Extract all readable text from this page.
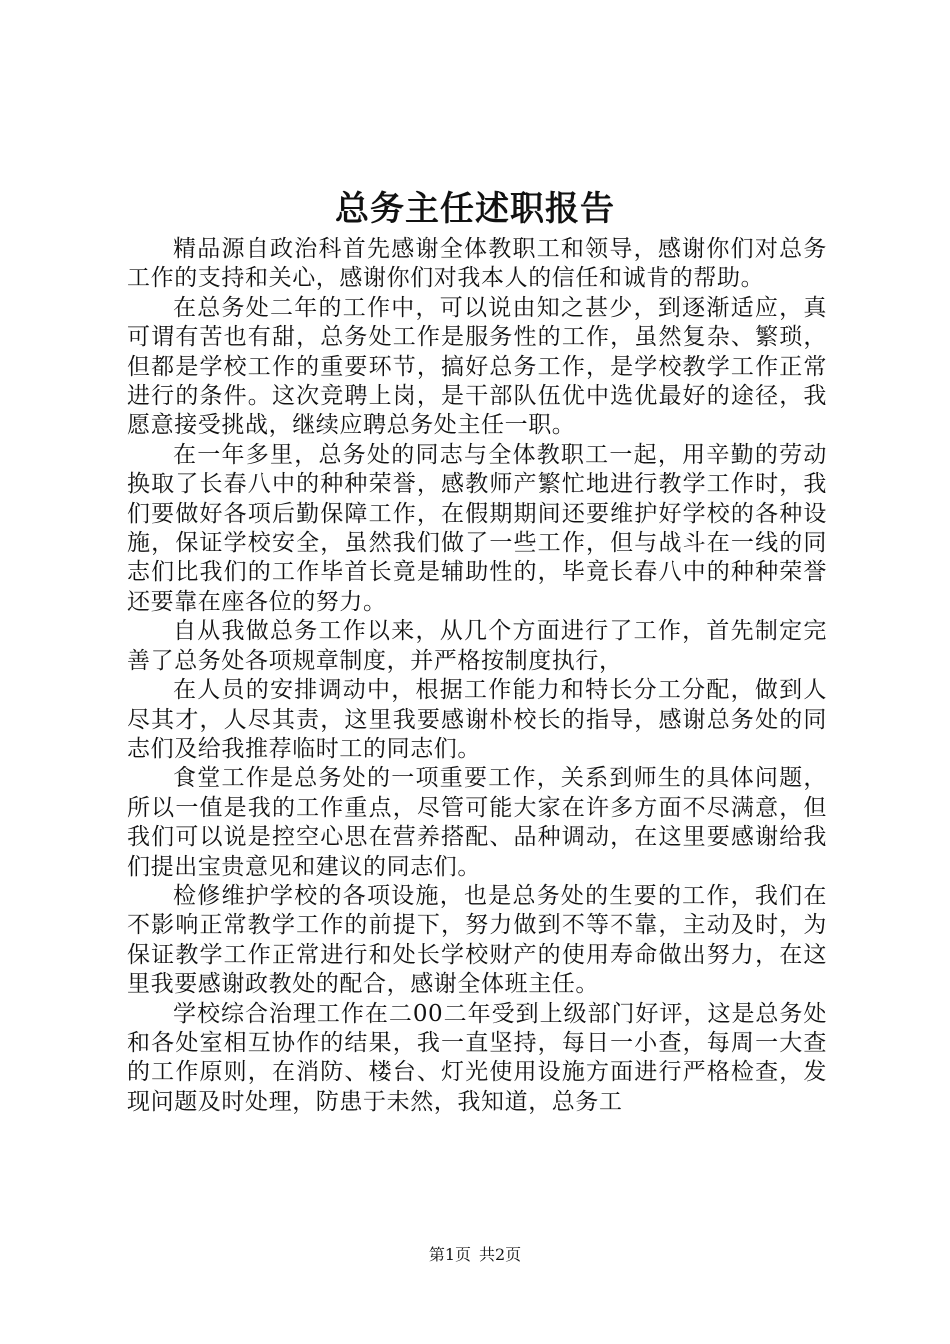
总务主任述职报告

精品源自政治科首先感谢全体教职工和领导，感谢你们对总务工作的支持和关心，感谢你们对我本人的信任和诚肯的帮助。

在总务处二年的工作中，可以说由知之甚少，到逐渐适应，真可谓有苦也有甜，总务处工作是服务性的工作，虽然复杂、繁琐，但都是学校工作的重要环节，搞好总务工作，是学校教学工作正常进行的条件。这次竞聘上岗，是干部队伍优中选优最好的途径，我愿意接受挑战，继续应聘总务处主任一职。

在一年多里，总务处的同志与全体教职工一起，用辛勤的劳动换取了长春八中的种种荣誉，感教师产繁忙地进行教学工作时，我们要做好各项后勤保障工作，在假期期间还要维护好学校的各种设施，保证学校安全，虽然我们做了一些工作，但与战斗在一线的同志们比我们的工作毕首长竟是辅助性的，毕竟长春八中的种种荣誉还要靠在座各位的努力。

自从我做总务工作以来，从几个方面进行了工作，首先制定完善了总务处各项规章制度，并严格按制度执行，

在人员的安排调动中，根据工作能力和特长分工分配，做到人尽其才，人尽其责，这里我要感谢朴校长的指导，感谢总务处的同志们及给我推荐临时工的同志们。

食堂工作是总务处的一项重要工作，关系到师生的具体问题，所以一值是我的工作重点，尽管可能大家在许多方面不尽满意，但我们可以说是控空心思在营养搭配、品种调动，在这里要感谢给我们提出宝贵意见和建议的同志们。

检修维护学校的各项设施，也是总务处的生要的工作，我们在不影响正常教学工作的前提下，努力做到不等不靠，主动及时，为保证教学工作正常进行和处长学校财产的使用寿命做出努力，在这里我要感谢政教处的配合，感谢全体班主任。

学校综合治理工作在二00二年受到上级部门好评，这是总务处和各处室相互协作的结果，我一直坚持，每日一小查，每周一大查的工作原则，在消防、楼台、灯光使用设施方面进行严格检查，发现问题及时处理，防患于未然，我知道，总务工

第1页 共2页
